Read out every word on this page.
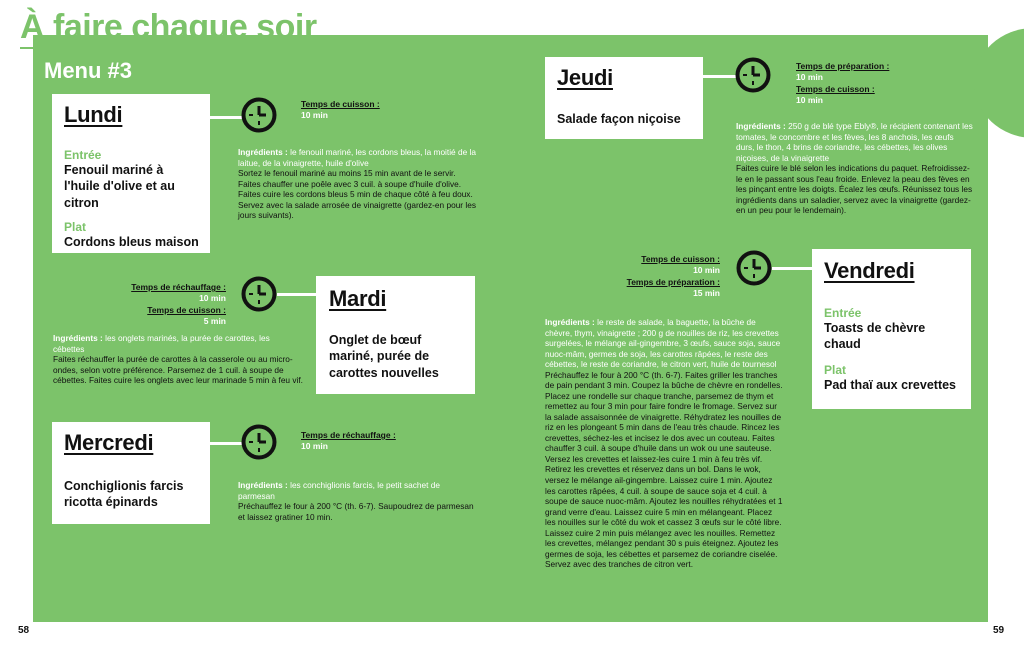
À faire chaque soir
Menu #3
Lundi
Entrée
Fenouil mariné à l'huile d'olive et au citron
Plat
Cordons bleus maison
Temps de cuisson :
10 min
Ingrédients : le fenouil mariné, les cordons bleus, la moitié de la laitue, de la vinaigrette, huile d'olive
Sortez le fenouil mariné au moins 15 min avant de le servir. Faites chauffer une poêle avec 3 cuil. à soupe d'huile d'olive. Faites cuire les cordons bleus 5 min de chaque côté à feu doux. Servez avec la salade arrosée de vinaigrette (gardez-en pour les jours suivants).
Temps de réchauffage :
10 min
Temps de cuisson :
5 min
Mardi
Onglet de bœuf mariné, purée de carottes nouvelles
Ingrédients : les onglets marinés, la purée de carottes, les cébettes
Faites réchauffer la purée de carottes à la casserole ou au micro-ondes, selon votre préférence. Parsemez de 1 cuil. à soupe de cébettes. Faites cuire les onglets avec leur marinade 5 min à feu vif.
Mercredi
Conchiglionis farcis ricotta épinards
Temps de réchauffage :
10 min
Ingrédients : les conchiglionis farcis, le petit sachet de parmesan
Préchauffez le four à 200 °C (th. 6-7). Saupoudrez de parmesan et laissez gratiner 10 min.
Jeudi
Salade façon niçoise
Temps de préparation :
10 min
Temps de cuisson :
10 min
Ingrédients : 250 g de blé type Ebly®, le récipient contenant les tomates, le concombre et les fèves, les 8 anchois, les œufs durs, le thon, 4 brins de coriandre, les cébettes, les olives niçoises, de la vinaigrette
Faites cuire le blé selon les indications du paquet. Refroidissez-le en le passant sous l'eau froide. Enlevez la peau des fèves en les pinçant entre les doigts. Écalez les œufs. Réunissez tous les ingrédients dans un saladier, servez avec la vinaigrette (gardez-en un peu pour le lendemain).
Temps de cuisson :
10 min
Temps de préparation :
15 min
Vendredi
Entrée
Toasts de chèvre chaud
Plat
Pad thaï aux crevettes
Ingrédients : le reste de salade, la baguette, la bûche de chèvre, thym, vinaigrette ; 200 g de nouilles de riz, les crevettes surgelées, le mélange ail-gingembre, 3 œufs, sauce soja, sauce nuoc-mâm, germes de soja, les carottes râpées, le reste des cébettes, le reste de coriandre, le citron vert, huile de tournesol
Préchauffez le four à 200 °C (th. 6-7). Faites griller les tranches de pain pendant 3 min. Coupez la bûche de chèvre en rondelles. Placez une rondelle sur chaque tranche, parsemez de thym et remettez au four 3 min pour faire fondre le fromage. Servez sur la salade assaisonnée de vinaigrette. Réhydratez les nouilles de riz en les plongeant 5 min dans de l'eau très chaude. Rincez les crevettes, séchez-les et incisez le dos avec un couteau. Faites chauffer 3 cuil. à soupe d'huile dans un wok ou une sauteuse. Versez les crevettes et laissez-les cuire 1 min à feu très vif. Retirez les crevettes et réservez dans un bol. Dans le wok, versez le mélange ail-gingembre. Laissez cuire 1 min. Ajoutez les carottes râpées, 4 cuil. à soupe de sauce soja et 4 cuil. à soupe de sauce nuoc-mâm. Ajoutez les nouilles réhydratées et 1 grand verre d'eau. Laissez cuire 5 min en mélangeant. Placez les nouilles sur le côté du wok et cassez 3 œufs sur le côté libre. Laissez cuire 2 min puis mélangez avec les nouilles. Remettez les crevettes, mélangez pendant 30 s puis éteignez. Ajoutez les germes de soja, les cébettes et parsemez de coriandre ciselée. Servez avec des tranches de citron vert.
58	59
